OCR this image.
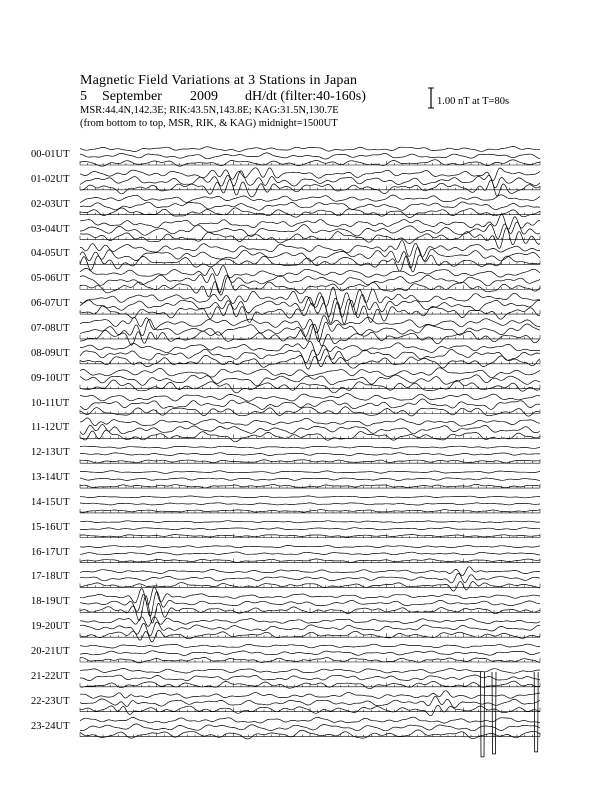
Magnetic Field Variations at 3 Stations in Japan
5 September 2009 dH/dt (filter:40-160s)
MSR:44.4N,142.3E; RIK:43.5N,143.8E; KAG:31.5N,130.7E
(from bottom to top, MSR, RIK, & KAG) midnight=1500UT
1.00 nT at T=80s
00-01UT
01-02UT
02-03UT
03-04UT
04-05UT
05-06UT
06-07UT
07-08UT
08-09UT
09-10UT
10-11UT
11-12UT
12-13UT
13-14UT
14-15UT
15-16UT
16-17UT
17-18UT
18-19UT
19-20UT
20-21UT
21-22UT
22-23UT
23-24UT
